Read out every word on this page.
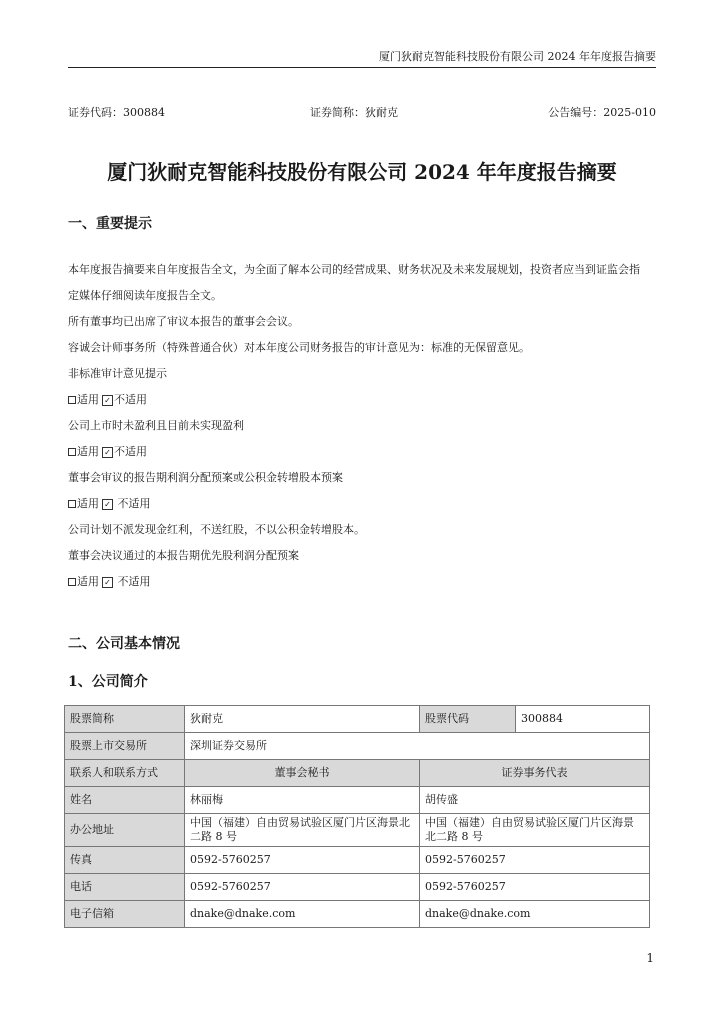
厦门狄耐克智能科技股份有限公司 2024 年年度报告摘要
证券代码：300884	证券简称：狄耐克	公告编号：2025-010
厦门狄耐克智能科技股份有限公司 2024 年年度报告摘要
一、重要提示
本年度报告摘要来自年度报告全文，为全面了解本公司的经营成果、财务状况及未来发展规划，投资者应当到证监会指
定媒体仔细阅读年度报告全文。
所有董事均已出席了审议本报告的董事会会议。
容诚会计师事务所（特殊普通合伙）对本年度公司财务报告的审计意见为：标准的无保留意见。
非标准审计意见提示
适用 ✓ 不适用
公司上市时未盈利且目前未实现盈利
适用 ✓ 不适用
董事会审议的报告期利润分配预案或公积金转增股本预案
适用 ✓ 不适用
公司计划不派发现金红利，不送红股，不以公积金转增股本。
董事会决议通过的本报告期优先股利润分配预案
适用 ✓ 不适用
二、公司基本情况
1、公司简介
股票简称	狄耐克	股票代码	300884
股票上市交易所	深圳证券交易所		
联系人和联系方式	董事会秘书	证券事务代表	
姓名	林丽梅	胡传盛	
办公地址	中国（福建）自由贸易试验区厦门片区海景北二路 8 号	中国（福建）自由贸易试验区厦门片区海景北二路 8 号	
传真	0592-5760257	0592-5760257	
电话	0592-5760257	0592-5760257	
电子信箱	dnake@dnake.com	dnake@dnake.com	
1
